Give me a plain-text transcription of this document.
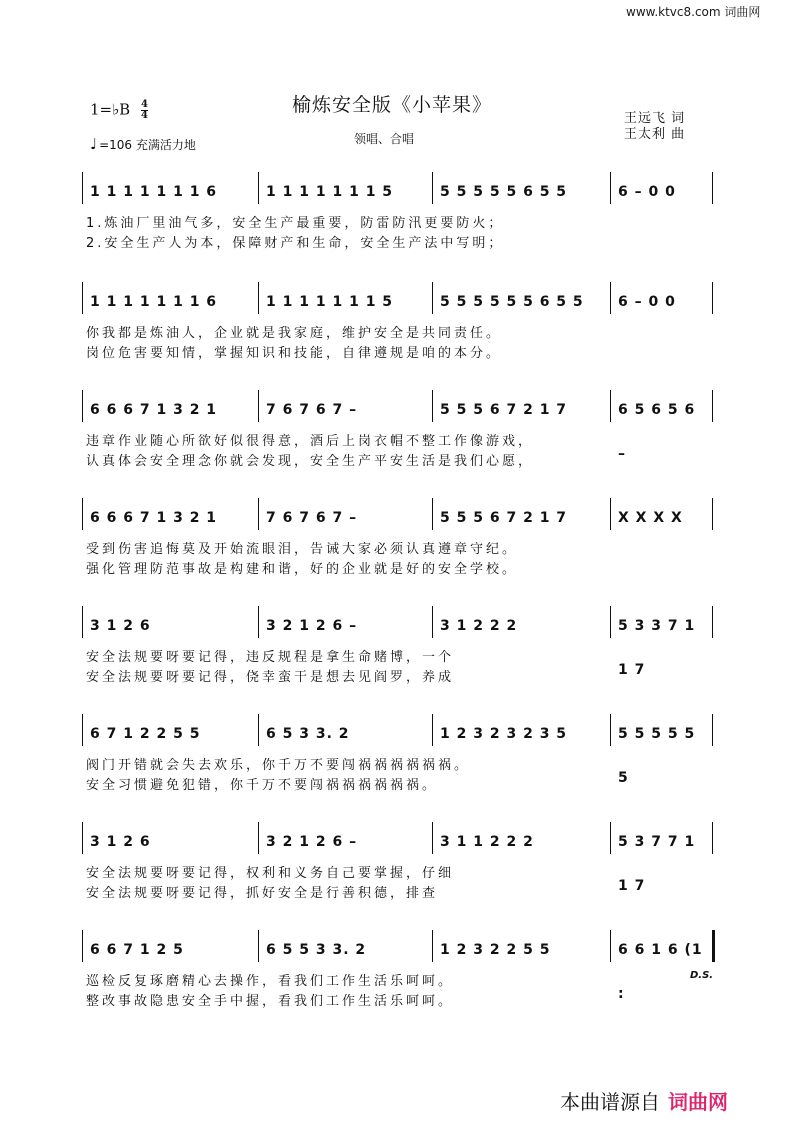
www.ktvc8.com 词曲网
榆炼安全版《小苹果》
1=♭B $\frac{4}{4}$
♩ =106 充满活力地	领唱、合唱
王远飞 词
王太利 曲
1 1 1 1 1 1 1 6	1 1 1 1 1 1 1 5	5 5 5 5 5 6 5 5	6 – 0 0
1.炼油厂里油气多，安全生产最重要，防雷防汛更要防火；
2.安全生产人为本，保障财产和生命，安全生产法中写明；
1 1 1 1 1 1 1 6	1 1 1 1 1 1 1 5	5 5 5 5 5 5 6 5 5	6 – 0 0
你我都是炼油人，企业就是我家庭，维护安全是共同责任。
岗位危害要知情，掌握知识和技能，自律遵规是咱的本分。
6 6 6 7 1 3 2 1	7 6 7 6 7 –	5 5 5 6 7 2 1 7	6 5 6 5 6 –
违章作业随心所欲好似很得意，酒后上岗衣帽不整工作像游戏，
认真体会安全理念你就会发现，安全生产平安生活是我们心愿，
6 6 6 7 1 3 2 1	7 6 7 6 7 –	5 5 5 6 7 2 1 7	X X X X
受到伤害追悔莫及开始流眼泪，告诫大家必须认真遵章守纪。
强化管理防范事故是构建和谐，好的企业就是好的安全学校。
3 1 2 6	3 2 1 2 6 –	3 1 2 2 2	5 3 3 7 1 1 7
安全法规要呀要记得，违反规程是拿生命赌博，一个
安全法规要呀要记得，侥幸蛮干是想去见阎罗，养成
6 7 1 2 2 5 5	6 5 3 3. 2	1 2 3 2 3 2 3 5	5 5 5 5 5 5
阀门开错就会失去欢乐，你千万不要闯祸祸祸祸祸祸。
安全习惯避免犯错，你千万不要闯祸祸祸祸祸祸。
3 1 2 6	3 2 1 2 6 –	3 1 1 2 2 2	5 3 7 7 1 1 7
安全法规要呀要记得，权利和义务自己要掌握，仔细
安全法规要呀要记得，抓好安全是行善积德，排查
6 6 7 1 2 5	6 5 5 3 3. 2	1 2 3 2 2 5 5	6 6 1 6 (1 :
巡检反复琢磨精心去操作，看我们工作生活乐呵呵。
整改事故隐患安全手中握，看我们工作生活乐呵呵。
D.S.
本曲谱源自 词曲网
